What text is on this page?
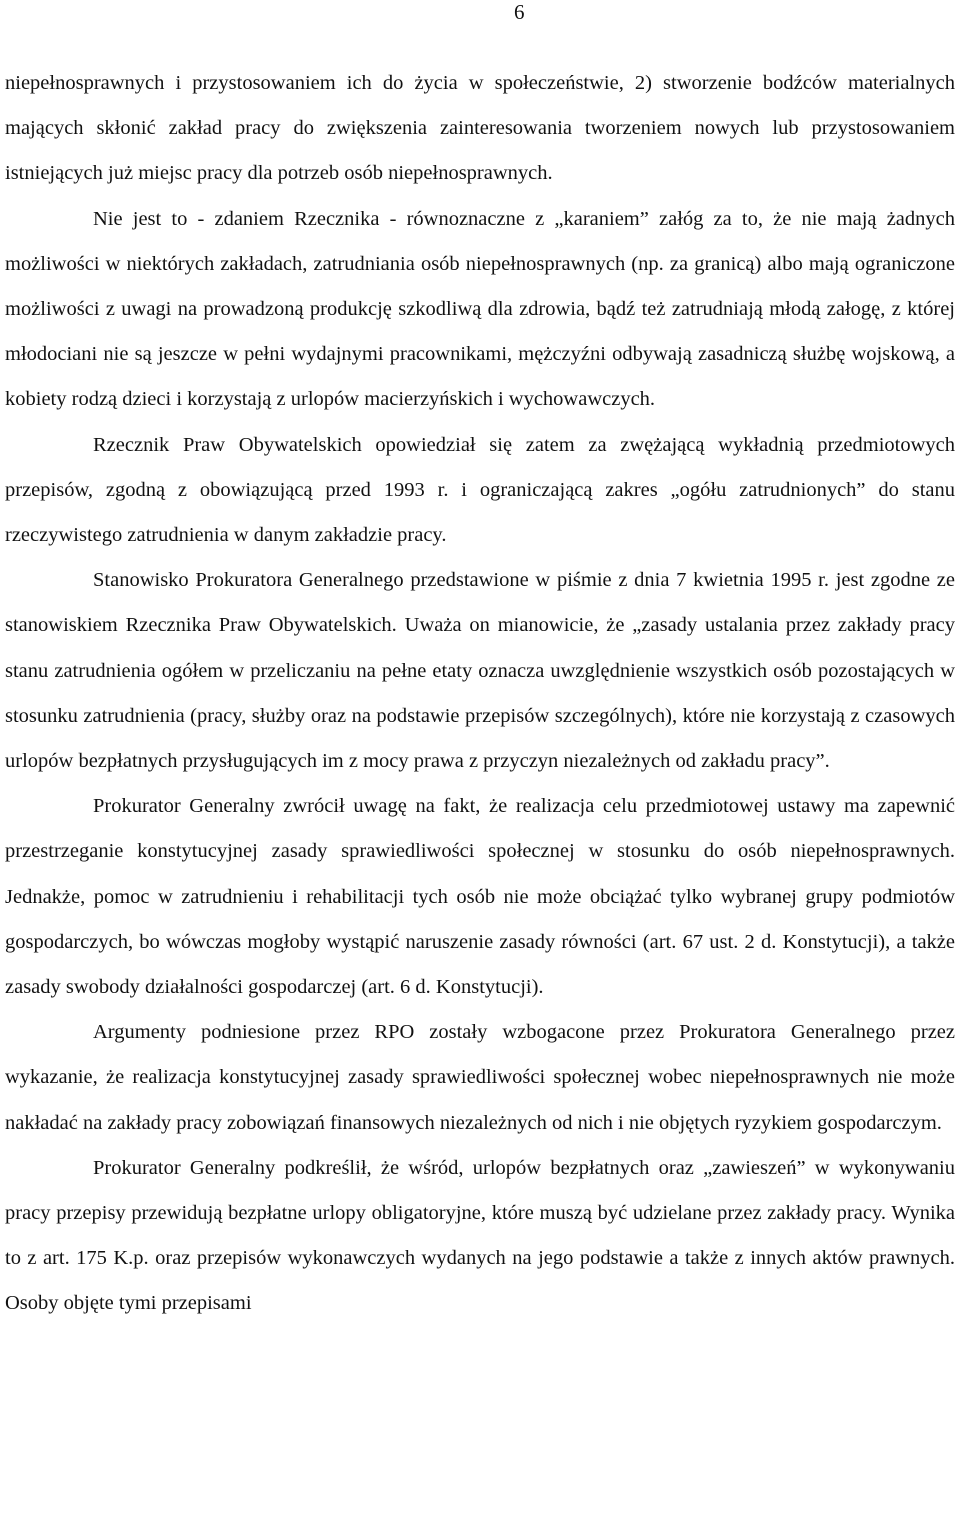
6

niepełnosprawnych i przystosowaniem ich do życia w społeczeństwie, 2) stworzenie bodźców materialnych mających skłonić zakład pracy do zwiększenia zainteresowania tworzeniem nowych lub przystosowaniem istniejących już miejsc pracy dla potrzeb osób niepełnosprawnych.

Nie jest to - zdaniem Rzecznika - równoznaczne z „karaniem” załóg za to, że nie mają żadnych możliwości w niektórych zakładach, zatrudniania osób niepełnosprawnych (np. za granicą) albo mają ograniczone możliwości z uwagi na prowadzoną produkcję szkodliwą dla zdrowia, bądź też zatrudniają młodą załogę, z której młodociani nie są jeszcze w pełni wydajnymi pracownikami, mężczyźni odbywają zasadniczą służbę wojskową, a kobiety rodzą dzieci i korzystają z urlopów macierzyńskich i wychowawczych.

Rzecznik Praw Obywatelskich opowiedział się zatem za zwężającą wykładnią przedmiotowych przepisów, zgodną z obowiązującą przed 1993 r. i ograniczającą zakres „ogółu zatrudnionych” do stanu rzeczywistego zatrudnienia w danym zakładzie pracy.

Stanowisko Prokuratora Generalnego przedstawione w piśmie z dnia 7 kwietnia 1995 r. jest zgodne ze stanowiskiem Rzecznika Praw Obywatelskich. Uważa on mianowicie, że „zasady ustalania przez zakłady pracy stanu zatrudnienia ogółem w przeliczaniu na pełne etaty oznacza uwzględnienie wszystkich osób pozostających w stosunku zatrudnienia (pracy, służby oraz na podstawie przepisów szczególnych), które nie korzystają z czasowych urlopów bezpłatnych przysługujących im z mocy prawa z przyczyn niezależnych od zakładu pracy”.

Prokurator Generalny zwrócił uwagę na fakt, że realizacja celu przedmiotowej ustawy ma zapewnić przestrzeganie konstytucyjnej zasady sprawiedliwości społecznej w stosunku do osób niepełnosprawnych. Jednakże, pomoc w zatrudnieniu i rehabilitacji tych osób nie może obciążać tylko wybranej grupy podmiotów gospodarczych, bo wówczas mogłoby wystąpić naruszenie zasady równości (art. 67 ust. 2 d. Konstytucji), a także zasady swobody działalności gospodarczej (art. 6 d. Konstytucji).

Argumenty podniesione przez RPO zostały wzbogacone przez Prokuratora Generalnego przez wykazanie, że realizacja konstytucyjnej zasady sprawiedliwości społecznej wobec niepełnosprawnych nie może nakładać na zakłady pracy zobowiązań finansowych niezależnych od nich i nie objętych ryzykiem gospodarczym.

Prokurator Generalny podkreślił, że wśród, urlopów bezpłatnych oraz „zawieszeń” w wykonywaniu pracy przepisy przewidują bezpłatne urlopy obligatoryjne, które muszą być udzielane przez zakłady pracy. Wynika to z art. 175 K.p. oraz przepisów wykonawczych wydanych na jego podstawie a także z innych aktów prawnych. Osoby objęte tymi przepisami
